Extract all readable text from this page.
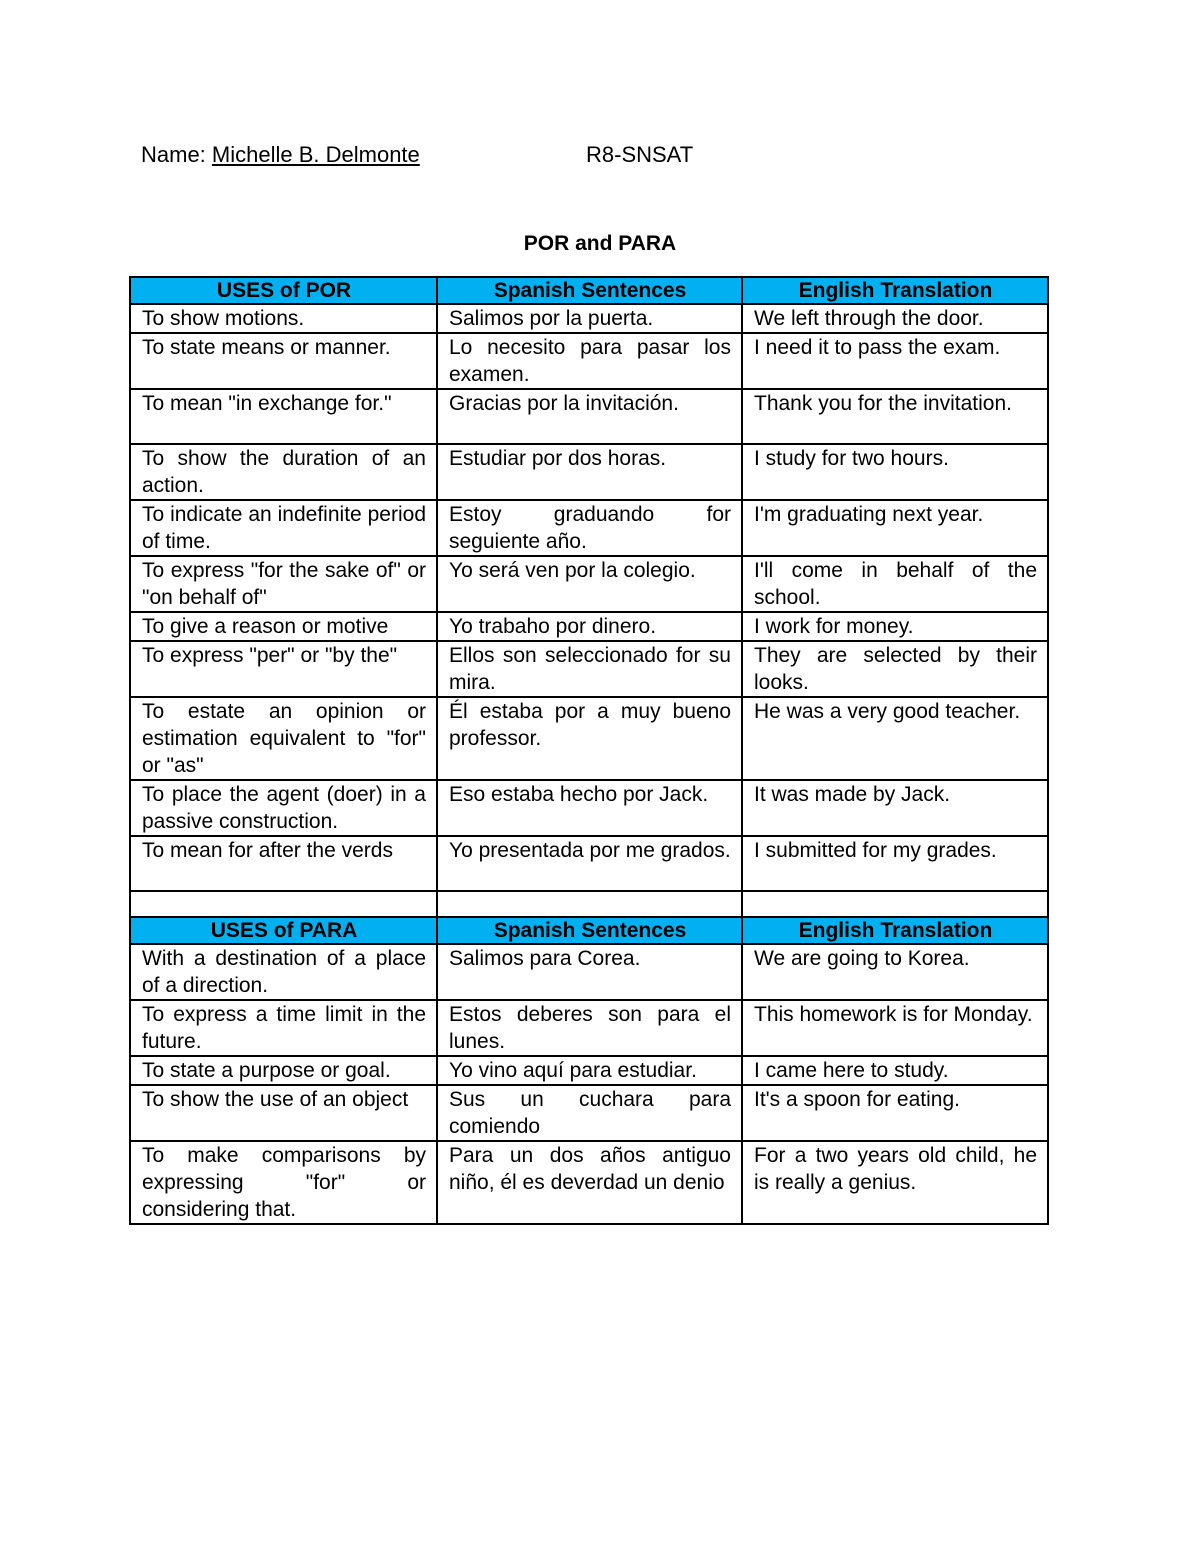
Name: Michelle B. Delmonte	R8-SNSAT
POR and PARA
USES of POR	Spanish Sentences	English Translation
To show motions.	Salimos por la puerta.	We left through the door.
To state means or manner.	Lo necesito para pasar los examen.	I need it to pass the exam.
To mean "in exchange for."	Gracias por la invitación.	Thank you for the invitation.
To show the duration of an action.	Estudiar por dos horas.	I study for two hours.
To indicate an indefinite period of time.	Estoy graduando for seguiente año.	I'm graduating next year.
To express "for the sake of" or "on behalf of"	Yo será ven por la colegio.	I'll come in behalf of the school.
To give a reason or motive	Yo trabaho por dinero.	I work for money.
To express "per" or "by the"	Ellos son seleccionado for su mira.	They are selected by their looks.
To estate an opinion or estimation equivalent to "for" or "as"	Él estaba por a muy bueno professor.	He was a very good teacher.
To place the agent (doer) in a passive construction.	Eso estaba hecho por Jack.	It was made by Jack.
To mean for after the verds	Yo presentada por me grados.	I submitted for my grades.

USES of PARA	Spanish Sentences	English Translation
With a destination of a place of a direction.	Salimos para Corea.	We are going to Korea.
To express a time limit in the future.	Estos deberes son para el lunes.	This homework is for Monday.
To state a purpose or goal.	Yo vino aquí para estudiar.	I came here to study.
To show the use of an object	Sus un cuchara para comiendo	It's a spoon for eating.
To make comparisons by expressing "for" or considering that.	Para un dos años antiguo niño, él es deverdad un denio	For a two years old child, he is really a genius.
